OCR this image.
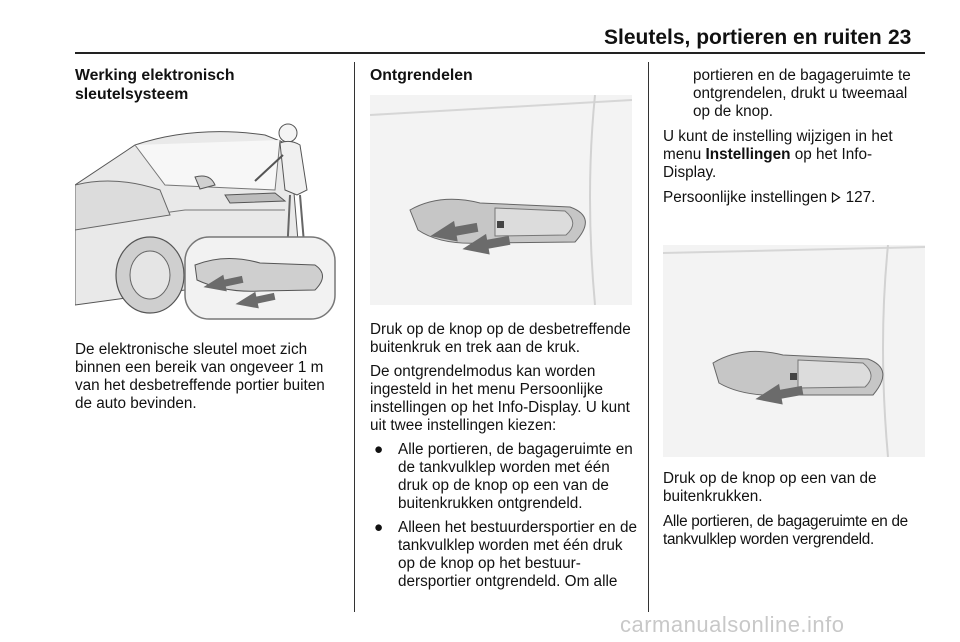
Sleutels, portieren en ruiten 23
Werking elektronisch sleutelsysteem
De elektronische sleutel moet zich binnen een bereik van ongeveer 1 m van het desbetreffende portier buiten de auto bevinden.
Ontgrendelen

Druk op de knop op de desbetreffende buitenkruk en trek aan de kruk.

De ontgrendelmodus kan worden ingesteld in het menu Persoonlijke instellingen op het Info-Display. U kunt uit twee instellingen kiezen:

● Alle portieren, de bagageruimte en de tankvulklep worden met één druk op de knop op een van de buitenkrukken ontgrendeld.
● Alleen het bestuurdersportier en de tankvulklep worden met één druk op de knop op het bestuurdersportier ontgrendeld. Om alle

portieren en de bagageruimte te ontgrendelen, drukt u tweemaal op de knop.

U kunt de instelling wijzigen in het menu Instellingen op het Info-Display.

Persoonlijke instellingen  127.

Druk op de knop op een van de buitenkrukken.

Alle portieren, de bagageruimte en de tankvulklep worden vergrendeld.

carmanualsonline.info
